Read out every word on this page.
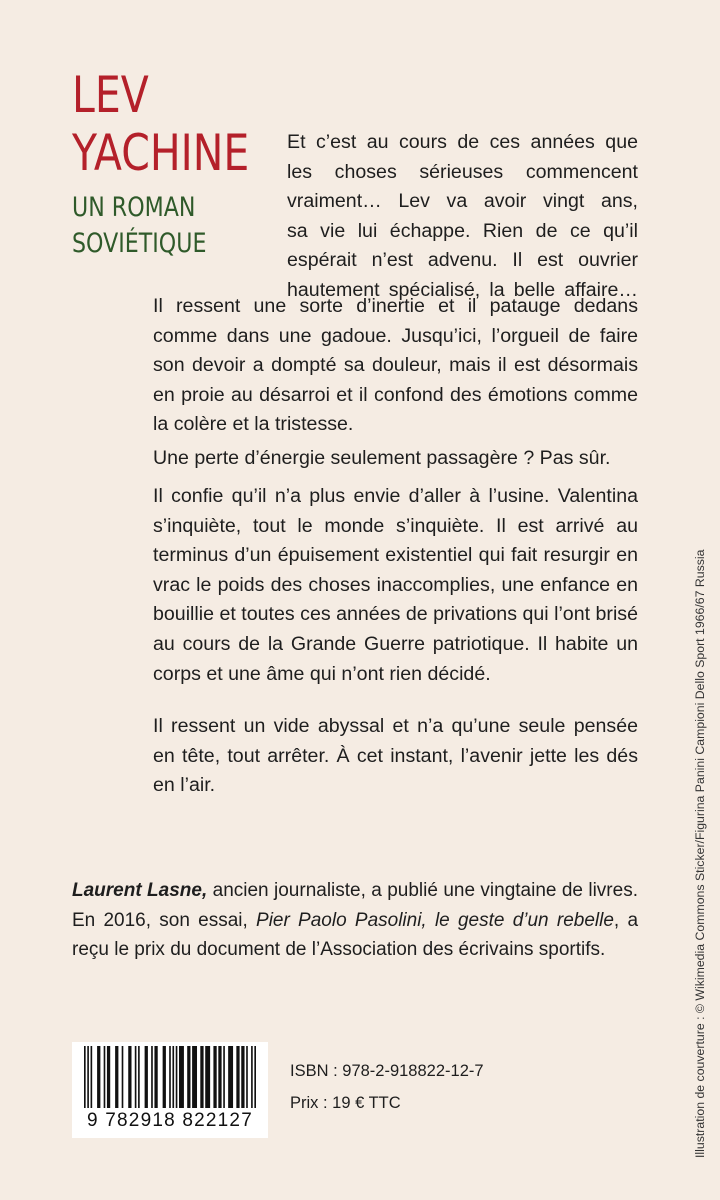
LEV
YACHINE
UN ROMAN
SOVIÉTIQUE

Et c’est au cours de ces années que

les choses sérieuses commencent

vraiment… Lev va avoir vingt ans,

sa vie lui échappe. Rien de ce qu’il

espérait n’est advenu. Il est ouvrier

hautement spécialisé, la belle affaire…

Il ressent une sorte d’inertie et il patauge dedans comme dans une gadoue. Jusqu’ici, l’orgueil de faire son devoir a dompté sa douleur, mais il est désormais en proie au désarroi et il confond des émotions comme la colère et la tristesse.

Une perte d’énergie seulement passagère ? Pas sûr.

Il confie qu’il n’a plus envie d’aller à l’usine. Valentina s’inquiète, tout le monde s’inquiète. Il est arrivé au terminus d’un épuisement existentiel qui fait resurgir en vrac le poids des choses inaccomplies, une enfance en bouillie et toutes ces années de privations qui l’ont brisé au cours de la Grande Guerre patriotique. Il habite un corps et une âme qui n’ont rien décidé.

Il ressent un vide abyssal et n’a qu’une seule pensée en tête, tout arrêter. À cet instant, l’avenir jette les dés en l’air.

Laurent Lasne, ancien journaliste, a publié une vingtaine de livres. En 2016, son essai, Pier Paolo Pasolini, le geste d’un rebelle, a reçu le prix du document de l’Association des écrivains sportifs.

9 782918 822127
ISBN : 978-2-918822-12-7
Prix : 19 € TTC	Illustration de couverture : © Wikimedia Commons Sticker/Figurina Panini Campioni Dello Sport 1966/67 Russia
